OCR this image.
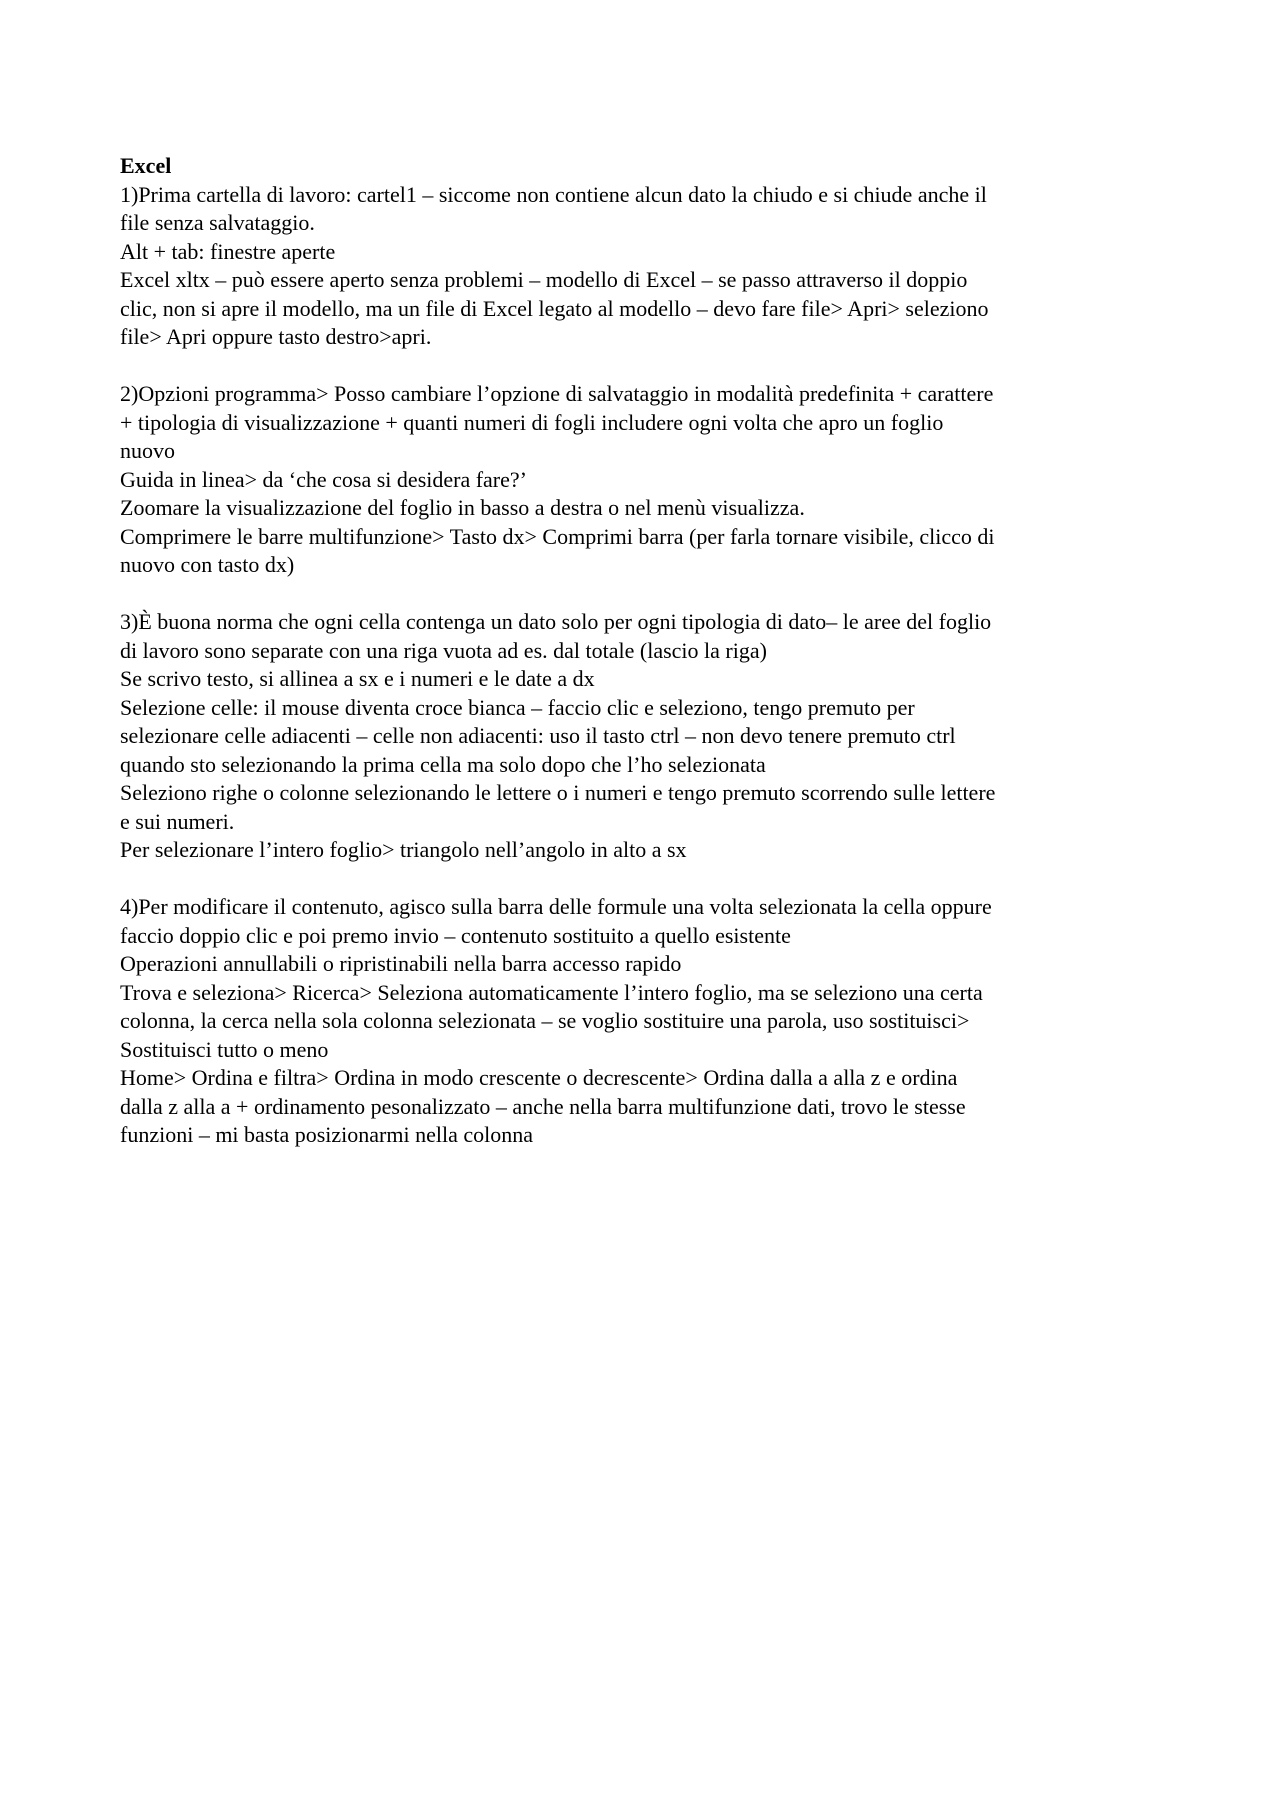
Excel
1)Prima cartella di lavoro: cartel1 – siccome non contiene alcun dato la chiudo e si chiude anche il
file senza salvataggio.
Alt + tab: finestre aperte
Excel xltx – può essere aperto senza problemi – modello di Excel – se passo attraverso il doppio
clic, non si apre il modello, ma un file di Excel legato al modello – devo fare file> Apri> seleziono
file> Apri oppure tasto destro>apri.
2)Opzioni programma> Posso cambiare l’opzione di salvataggio in modalità predefinita + carattere
+ tipologia di visualizzazione + quanti numeri di fogli includere ogni volta che apro un foglio
nuovo
Guida in linea> da ‘che cosa si desidera fare?’
Zoomare la visualizzazione del foglio in basso a destra o nel menù visualizza.
Comprimere le barre multifunzione> Tasto dx> Comprimi barra (per farla tornare visibile, clicco di
nuovo con tasto dx)
3)È buona norma che ogni cella contenga un dato solo per ogni tipologia di dato– le aree del foglio
di lavoro sono separate con una riga vuota ad es. dal totale (lascio la riga)
Se scrivo testo, si allinea a sx e i numeri e le date a dx
Selezione celle: il mouse diventa croce bianca – faccio clic e seleziono, tengo premuto per
selezionare celle adiacenti – celle non adiacenti: uso il tasto ctrl – non devo tenere premuto ctrl
quando sto selezionando la prima cella ma solo dopo che l’ho selezionata
Seleziono righe o colonne selezionando le lettere o i numeri e tengo premuto scorrendo sulle lettere
e sui numeri.
Per selezionare l’intero foglio> triangolo nell’angolo in alto a sx
4)Per modificare il contenuto, agisco sulla barra delle formule una volta selezionata la cella oppure
faccio doppio clic e poi premo invio – contenuto sostituito a quello esistente
Operazioni annullabili o ripristinabili nella barra accesso rapido
Trova e seleziona> Ricerca> Seleziona automaticamente l’intero foglio, ma se seleziono una certa
colonna, la cerca nella sola colonna selezionata – se voglio sostituire una parola, uso sostituisci>
Sostituisci tutto o meno
Home> Ordina e filtra> Ordina in modo crescente o decrescente> Ordina dalla a alla z e ordina
dalla z alla a + ordinamento pesonalizzato – anche nella barra multifunzione dati, trovo le stesse
funzioni – mi basta posizionarmi nella colonna
